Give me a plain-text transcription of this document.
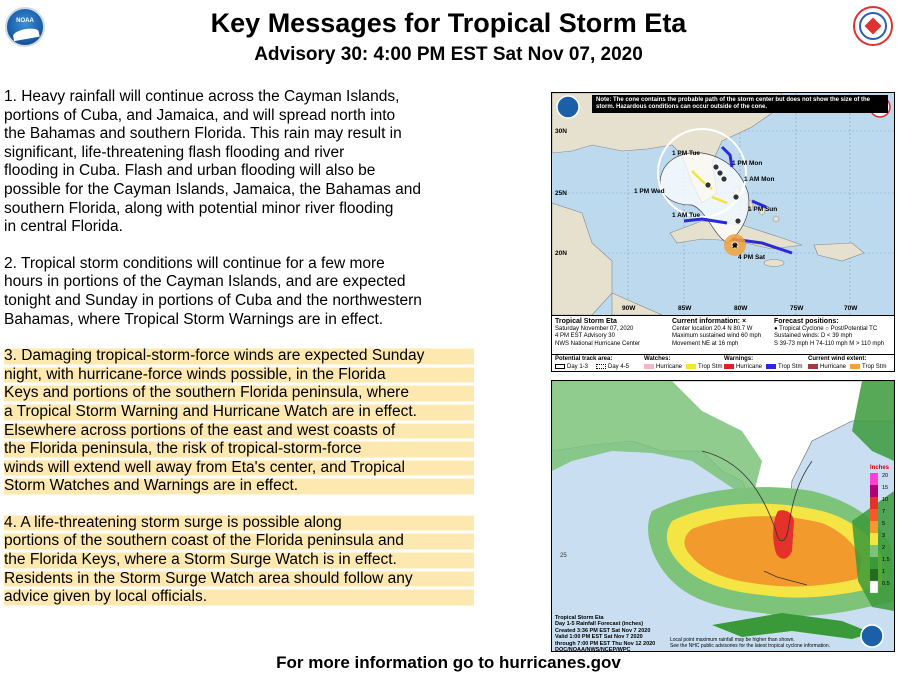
NOAA	Key Messages for Tropical Storm Eta
Advisory 30: 4:00 PM EST Sat Nov 07, 2020
1. Heavy rainfall will continue across the Cayman Islands,
portions of Cuba, and Jamaica, and will spread north into
the Bahamas and southern Florida. This rain may result in
significant, life-threatening flash flooding and river
flooding in Cuba. Flash and urban flooding will also be
possible for the Cayman Islands, Jamaica, the Bahamas and
southern Florida, along with potential minor river flooding
in central Florida.
2. Tropical storm conditions will continue for a few more
hours in portions of the Cayman Islands, and are expected
tonight and Sunday in portions of Cuba and the northwestern
Bahamas, where Tropical Storm Warnings are in effect.
3. Damaging tropical-storm-force winds are expected Sunday
night, with hurricane-force winds possible, in the Florida
Keys and portions of the southern Florida peninsula, where
a Tropical Storm Warning and Hurricane Watch are in effect.
Elsewhere across portions of the east and west coasts of
the Florida peninsula, the risk of tropical-storm-force
winds will extend well away from Eta's center, and Tropical
Storm Watches and Warnings are in effect.
4. A life-threatening storm surge is possible along
portions of the southern coast of the Florida peninsula and
the Florida Keys, where a Storm Surge Watch is in effect.
Residents in the Storm Surge Watch area should follow any
advice given by local officials.
×
1 PM Tue
1 PM Mon
1 AM Mon
1 PM Wed
1 PM Sun
1 AM Tue
4 PM Sat
30N
25N
20N
90W	85W	80W	75W	70W
Note: The cone contains the probable path of the storm center but does not show the size of the storm. Hazardous conditions can occur outside of the cone.
Tropical Storm Eta
Saturday November 07, 2020
4 PM EST Advisory 30
NWS National Hurricane Center
Current information: ×
Center location 20.4 N 80.7 W
Maximum sustained wind 60 mph
Movement NE at 16 mph
Forecast positions:
● Tropical Cyclone ○ Post/Potential TC
Sustained winds: D < 39 mph
S 39-73 mph H 74-110 mph M > 110 mph
Potential track area:
Day 1-3	Day 4-5
Watches:
Hurricane	Trop Stm
Warnings:
Hurricane	Trop Stm
Current wind extent:
Hurricane	Trop Stm
25
Inches
20
15
10
7
5
3
2
1.5
1
0.5
Tropical Storm Eta
Day 1-5 Rainfall Forecast (inches)
Created 3:36 PM EST Sat Nov 7 2020
Valid 1:00 PM EST Sat Nov 7 2020
through 7:00 PM EST Thu Nov 12 2020
DOC/NOAA/NWS/NCEP/WPC
Local point maximum rainfall may be higher than shown.
See the NHC public advisories for the latest tropical cyclone information.
For more information go to hurricanes.gov
